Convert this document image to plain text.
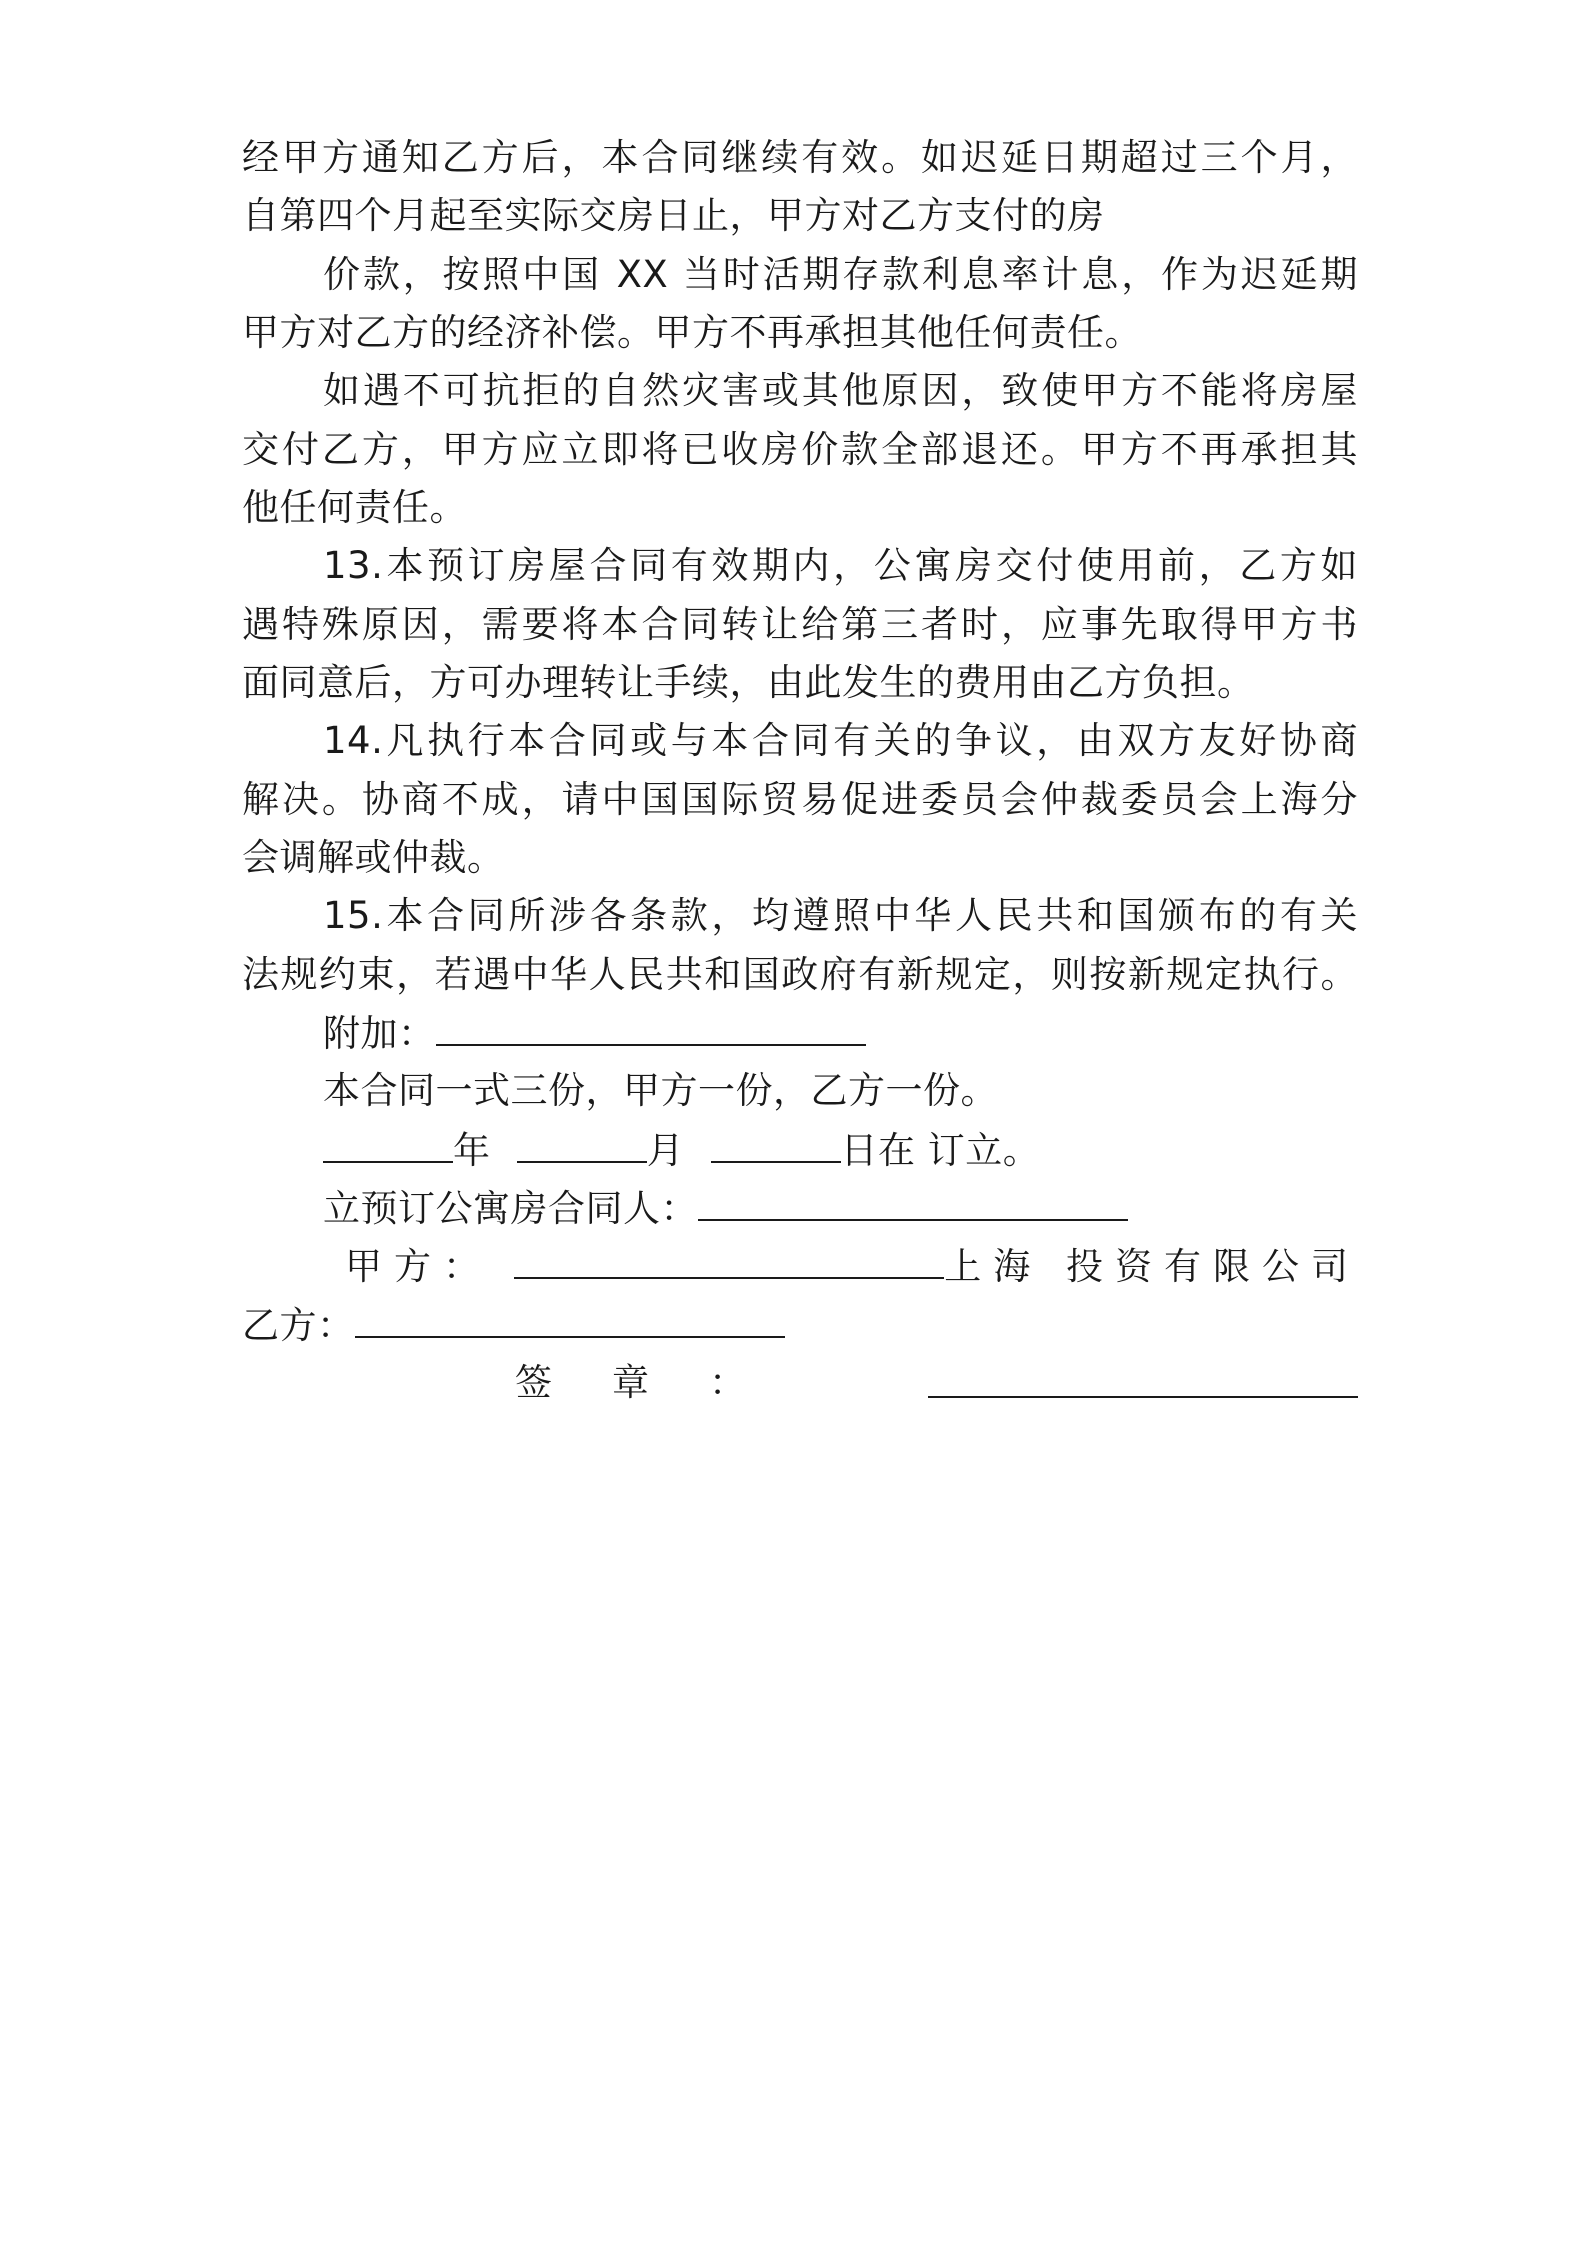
经甲方通知乙方后，本合同继续有效。如迟延日期超过三个月，
自第四个月起至实际交房日止，甲方对乙方支付的房
价款，按照中国 XX 当时活期存款利息率计息，作为迟延期
甲方对乙方的经济补偿。甲方不再承担其他任何责任。
如遇不可抗拒的自然灾害或其他原因，致使甲方不能将房屋
交付乙方，甲方应立即将已收房价款全部退还。甲方不再承担其
他任何责任。
13.本预订房屋合同有效期内，公寓房交付使用前，乙方如
遇特殊原因，需要将本合同转让给第三者时，应事先取得甲方书
面同意后，方可办理转让手续，由此发生的费用由乙方负担。
14.凡执行本合同或与本合同有关的争议，由双方友好协商
解决。协商不成，请中国国际贸易促进委员会仲裁委员会上海分
会调解或仲裁。
15.本合同所涉各条款，均遵照中华人民共和国颁布的有关
法规约束，若遇中华人民共和国政府有新规定，则按新规定执行。
附加：
本合同一式三份，甲方一份，乙方一份。
年	月	日在 订立。
立预订公寓房合同人：
甲方：	上海 投资有限公司
乙方：
签章：
